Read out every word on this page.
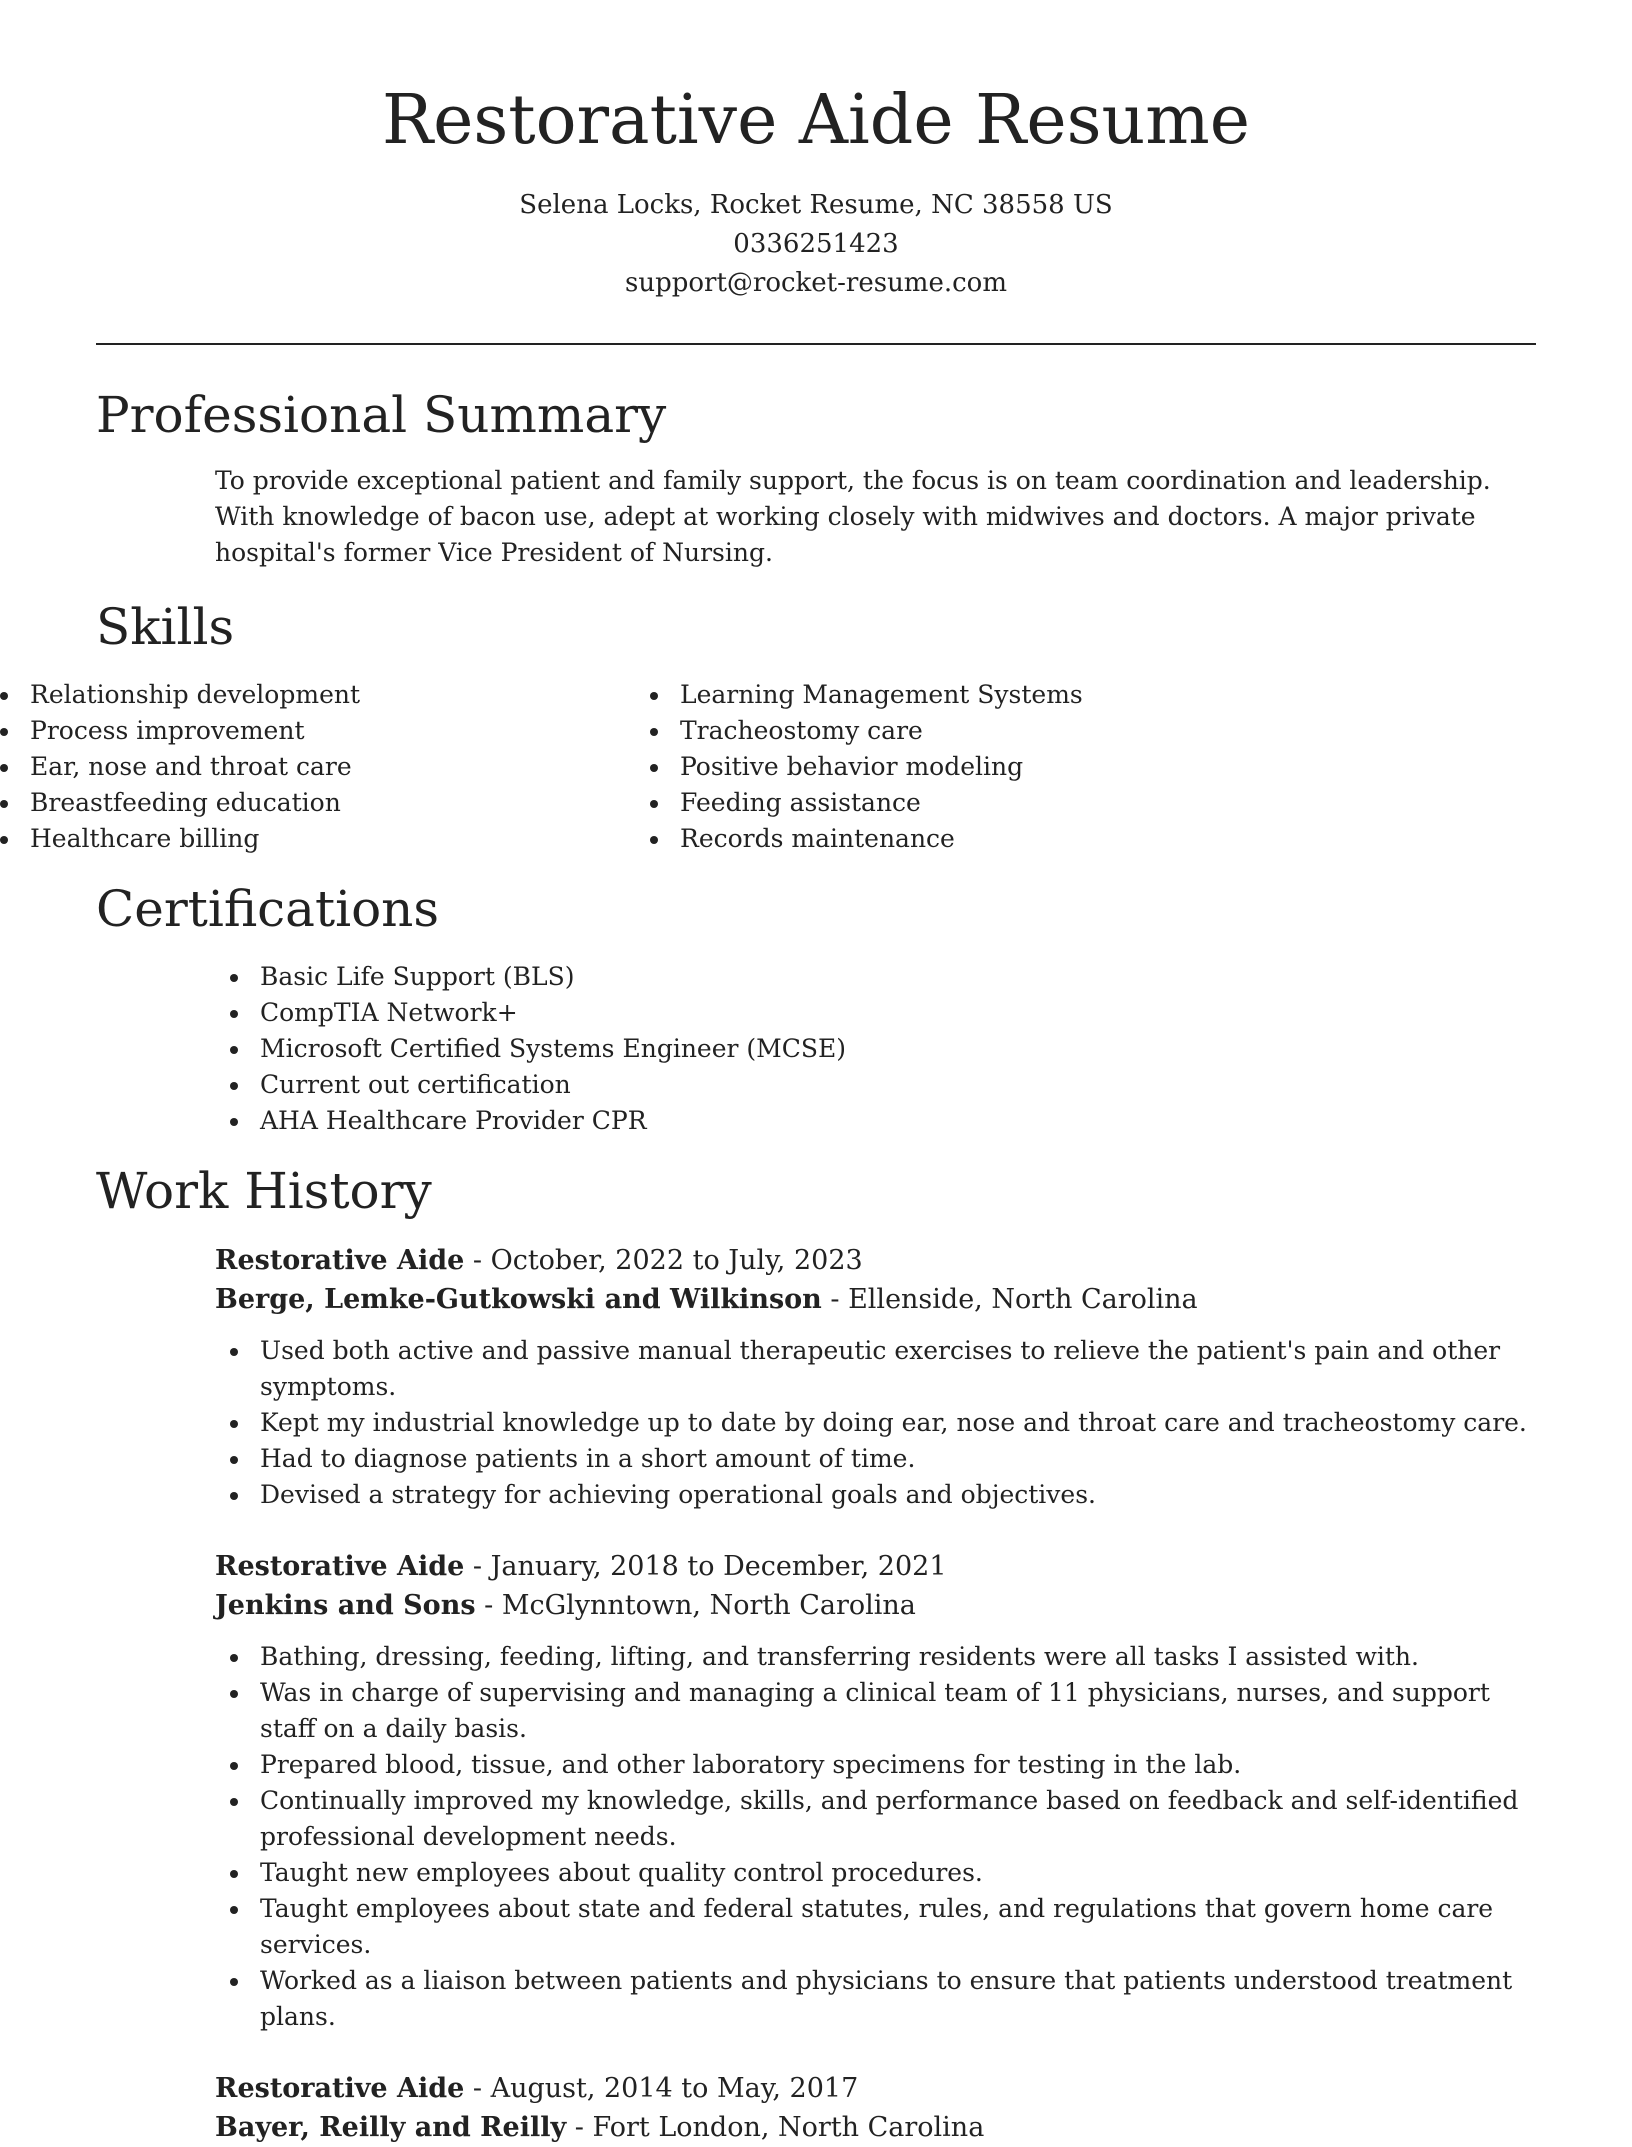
Restorative Aide Resume
Selena Locks, Rocket Resume, NC 38558 US
0336251423
support@rocket-resume.com
Professional Summary

To provide exceptional patient and family support, the focus is on team coordination and leadership. With knowledge of bacon use, adept at working closely with midwives and doctors. A major private hospital's former Vice President of Nursing.

Skills
Relationship development
Process improvement
Ear, nose and throat care
Breastfeeding education
Healthcare billing
Learning Management Systems
Tracheostomy care
Positive behavior modeling
Feeding assistance
Records maintenance
Certifications
Basic Life Support (BLS)
CompTIA Network+
Microsoft Certified Systems Engineer (MCSE)
Current out certification
AHA Healthcare Provider CPR
Work History
Restorative Aide - October, 2022 to July, 2023
Berge, Lemke-Gutkowski and Wilkinson - Ellenside, North Carolina
Used both active and passive manual therapeutic exercises to relieve the patient's pain and other symptoms.
Kept my industrial knowledge up to date by doing ear, nose and throat care and tracheostomy care.
Had to diagnose patients in a short amount of time.
Devised a strategy for achieving operational goals and objectives.
Restorative Aide - January, 2018 to December, 2021
Jenkins and Sons - McGlynntown, North Carolina
Bathing, dressing, feeding, lifting, and transferring residents were all tasks I assisted with.
Was in charge of supervising and managing a clinical team of 11 physicians, nurses, and support staff on a daily basis.
Prepared blood, tissue, and other laboratory specimens for testing in the lab.
Continually improved my knowledge, skills, and performance based on feedback and self-identified professional development needs.
Taught new employees about quality control procedures.
Taught employees about state and federal statutes, rules, and regulations that govern home care services.
Worked as a liaison between patients and physicians to ensure that patients understood treatment plans.
Restorative Aide - August, 2014 to May, 2017
Bayer, Reilly and Reilly - Fort London, North Carolina
